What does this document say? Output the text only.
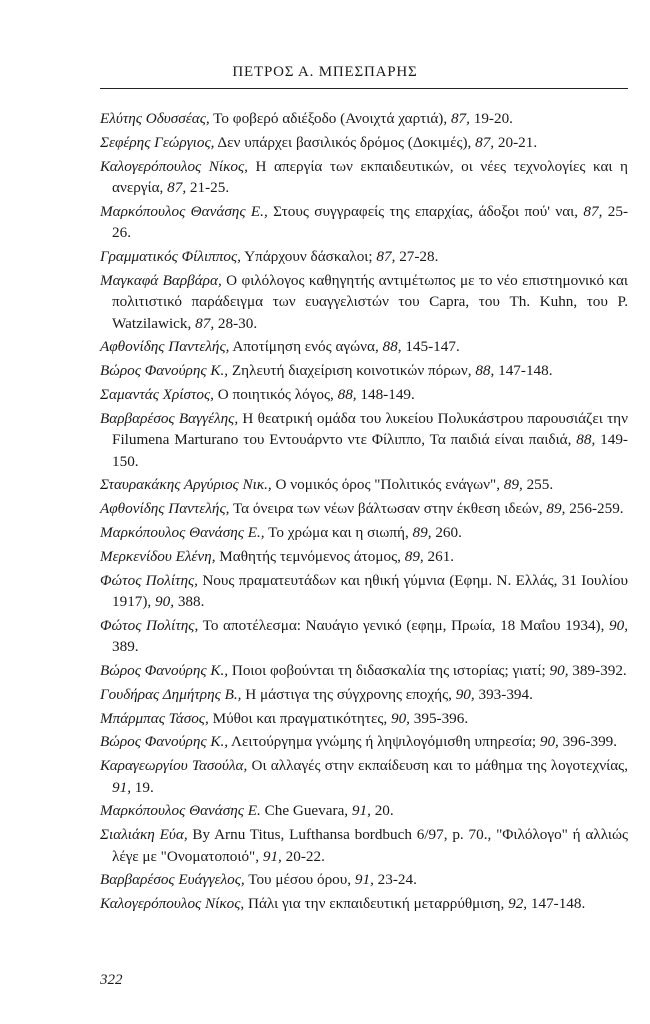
ΠΕΤΡΟΣ Α. ΜΠΕΣΠΑΡΗΣ
Ελύτης Οδυσσέας, Το φοβερό αδιέξοδο (Ανοιχτά χαρτιά), 87, 19-20.
Σεφέρης Γεώργιος, Δεν υπάρχει βασιλικός δρόμος (Δοκιμές), 87, 20-21.
Καλογερόπουλος Νίκος, Η απεργία των εκπαιδευτικών, οι νέες τεχνολογίες και η ανεργία, 87, 21-25.
Μαρκόπουλος Θανάσης Ε., Στους συγγραφείς της επαρχίας, άδοξοι πού' ναι, 87, 25-26.
Γραμματικός Φίλιππος, Υπάρχουν δάσκαλοι; 87, 27-28.
Μαγκαφά Βαρβάρα, Ο φιλόλογος καθηγητής αντιμέτωπος με το νέο επιστημονικό και πολιτιστικό παράδειγμα των ευαγγελιστών του Capra, του Th. Kuhn, του P. Watzilawick, 87, 28-30.
Αφθονίδης Παντελής, Αποτίμηση ενός αγώνα, 88, 145-147.
Βώρος Φανούρης Κ., Ζηλευτή διαχείριση κοινοτικών πόρων, 88, 147-148.
Σαμαντάς Χρίστος, Ο ποιητικός λόγος, 88, 148-149.
Βαρβαρέσος Βαγγέλης, Η θεατρική ομάδα του λυκείου Πολυκάστρου παρουσιάζει την Filumena Marturano του Εντουάρντο ντε Φίλιππο, Τα παιδιά είναι παιδιά, 88, 149-150.
Σταυρακάκης Αργύριος Νικ., Ο νομικός όρος "Πολιτικός ενάγων", 89, 255.
Αφθονίδης Παντελής, Τα όνειρα των νέων βάλτωσαν στην έκθεση ιδεών, 89, 256-259.
Μαρκόπουλος Θανάσης Ε., Το χρώμα και η σιωπή, 89, 260.
Μερκενίδου Ελένη, Μαθητής τεμνόμενος άτομος, 89, 261.
Φώτος Πολίτης, Νους πραματευτάδων και ηθική γύμνια (Εφημ. Ν. Ελλάς, 31 Ιουλίου 1917), 90, 388.
Φώτος Πολίτης, Το αποτέλεσμα: Ναυάγιο γενικό (εφημ, Πρωία, 18 Μαΐου 1934), 90, 389.
Βώρος Φανούρης Κ., Ποιοι φοβούνται τη διδασκαλία της ιστορίας; γιατί; 90, 389-392.
Γουδήρας Δημήτρης Β., Η μάστιγα της σύγχρονης εποχής, 90, 393-394.
Μπάρμπας Τάσος, Μύθοι και πραγματικότητες, 90, 395-396.
Βώρος Φανούρης Κ., Λειτούργημα γνώμης ή ληψιλογόμισθη υπηρεσία; 90, 396-399.
Καραγεωργίου Τασούλα, Οι αλλαγές στην εκπαίδευση και το μάθημα της λογοτεχνίας, 91, 19.
Μαρκόπουλος Θανάσης Ε. Che Guevara, 91, 20.
Σιαλιάκη Εύα, By Arnu Titus, Lufthansa bordbuch 6/97, p. 70., "Φιλόλογο" ή αλλιώς λέγε με "Ονοματοποιό", 91, 20-22.
Βαρβαρέσος Ευάγγελος, Του μέσου όρου, 91, 23-24.
Καλογερόπουλος Νίκος, Πάλι για την εκπαιδευτική μεταρρύθμιση, 92, 147-148.
322
